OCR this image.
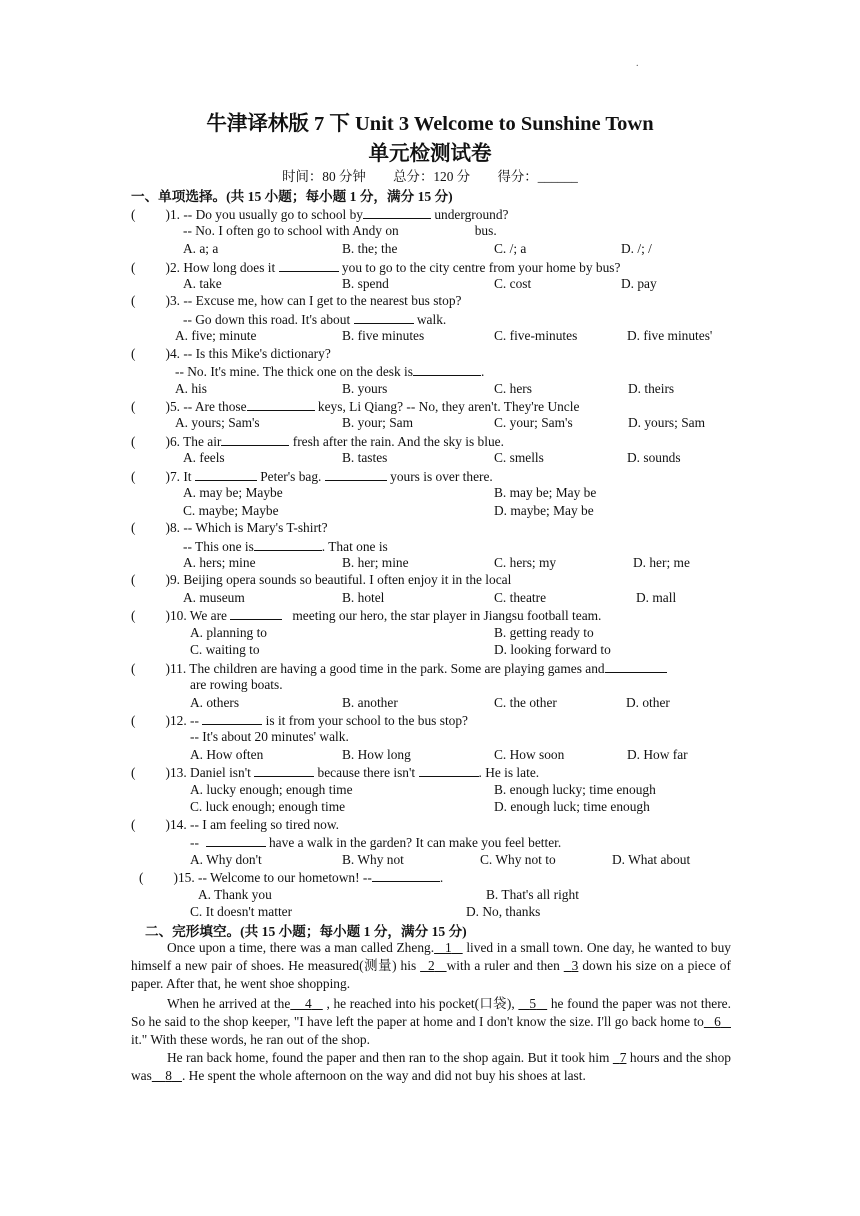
.
牛津译林版 7 下 Unit 3 Welcome to Sunshine Town
单元检测试卷
时间：80 分钟 总分：120 分 得分：______
一、单项选择。(共 15 小题；每小题 1 分，满分 15 分)
( )1. -- Do you usually go to school by	underground?
-- No. I often go to school with Andy on	bus.
A. a; a	B. the; the	C. /; a	D. /; /
( )2. How long does it	you to go to the city centre from your home by bus?
A. take	B. spend	C. cost	D. pay
( )3. -- Excuse me, how can I get to the nearest bus stop?
-- Go down this road. It's about	walk.
A. five; minute	B. five minutes	C. five-minutes	D. five minutes'
( )4. -- Is this Mike's dictionary?
-- No. It's mine. The thick one on the desk is	.
A. his	B. yours	C. hers	D. theirs
( )5. -- Are those	keys, Li Qiang? -- No, they aren't. They're Uncle
A. yours; Sam's	B. your; Sam	C. your; Sam's	D. yours; Sam
( )6. The air	fresh after the rain. And the sky is blue.
A. feels	B. tastes	C. smells	D. sounds
( )7. It	Peter's bag.	yours is over there.
A. may be; Maybe	B. may be; May be
C. maybe; Maybe	D. maybe; May be
( )8. -- Which is Mary's T-shirt?
-- This one is	. That one is
A. hers; mine	B. her; mine	C. hers; my	D. her; me
( )9. Beijing opera sounds so beautiful. I often enjoy it in the local
A. museum	B. hotel	C. theatre	D. mall
( )10. We are	meeting our hero, the star player in Jiangsu football team.
A. planning to	B. getting ready to
C. waiting to	D. looking forward to
( )11. The children are having a good time in the park. Some are playing games and
are rowing boats.
A. others	B. another	C. the other	D. other
( )12. --	is it from your school to the bus stop?
-- It's about 20 minutes' walk.
A. How often	B. How long	C. How soon	D. How far
( )13. Daniel isn't	because there isn't	. He is late.
A. lucky enough; enough time	B. enough lucky; time enough
C. luck enough; enough time	D. enough luck; time enough
( )14. -- I am feeling so tired now.
--	have a walk in the garden? It can make you feel better.
A. Why don't	B. Why not	C. Why not to	D. What about
( )15. -- Welcome to our hometown! --	.
A. Thank you	B. That's all right
C. It doesn't matter	D. No, thanks
二、完形填空。(共 15 小题；每小题 1 分，满分 15 分)
Once upon a time, there was a man called Zheng. 1 lived in a small town. One day, he wanted to buy himself a new pair of shoes. He measured(测量) his 2 with a ruler and then 3 down his size on a piece of paper. After that, he went shoe shopping.
When he arrived at the 4 , he reached into his pocket(口袋), 5 he found the paper was not there. So he said to the shop keeper, "I have left the paper at home and I don't know the size. I'll go back home to 6    it." With these words, he ran out of the shop.
He ran back home, found the paper and then ran to the shop again. But it took him 7 hours and the shop was 8 . He spent the whole afternoon on the way and did not buy his shoes at last.
